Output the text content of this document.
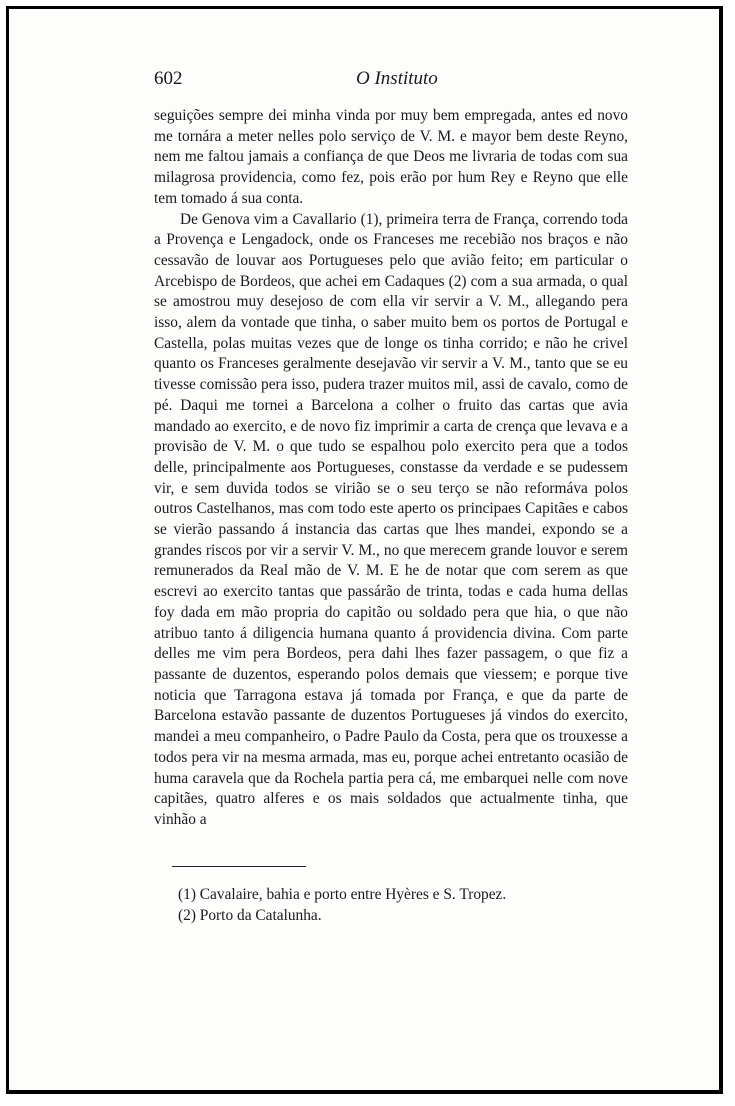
602	O Instituto

seguições sempre dei minha vinda por muy bem empregada, antes ed novo me tornára a meter nelles polo serviço de V. M. e mayor bem deste Reyno, nem me faltou jamais a confiança de que Deos me livraria de todas com sua milagrosa providencia, como fez, pois erão por hum Rey e Reyno que elle tem tomado á sua conta.

De Genova vim a Cavallario (1), primeira terra de França, correndo toda a Provença e Lengadock, onde os Franceses me recebião nos braços e não cessavão de louvar aos Portugueses pelo que avião feito; em particular o Arcebispo de Bordeos, que achei em Cadaques (2) com a sua armada, o qual se amostrou muy desejoso de com ella vir servir a V. M., allegando pera isso, alem da vontade que tinha, o saber muito bem os portos de Portugal e Castella, polas muitas vezes que de longe os tinha corrido; e não he crivel quanto os Franceses geralmente desejavão vir servir a V. M., tanto que se eu tivesse comissão pera isso, pudera trazer muitos mil, assi de cavalo, como de pé. Daqui me tornei a Barcelona a colher o fruito das cartas que avia mandado ao exercito, e de novo fiz imprimir a carta de crença que levava e a provisão de V. M. o que tudo se espalhou polo exercito pera que a todos delle, principalmente aos Portugueses, constasse da verdade e se pudessem vir, e sem duvida todos se virião se o seu terço se não reformáva polos outros Castelhanos, mas com todo este aperto os principaes Capitães e cabos se vierão passando á instancia das cartas que lhes mandei, expondo se a grandes riscos por vir a servir V. M., no que merecem grande louvor e serem remunerados da Real mão de V. M. E he de notar que com serem as que escrevi ao exercito tantas que passárão de trinta, todas e cada huma dellas foy dada em mão propria do capitão ou soldado pera que hia, o que não atribuo tanto á diligencia humana quanto á providencia divina. Com parte delles me vim pera Bordeos, pera dahi lhes fazer passagem, o que fiz a passante de duzentos, esperando polos demais que viessem; e porque tive noticia que Tarragona estava já tomada por França, e que da parte de Barcelona estavão passante de duzentos Portugueses já vindos do exercito, mandei a meu companheiro, o Padre Paulo da Costa, pera que os trouxesse a todos pera vir na mesma armada, mas eu, porque achei entretanto ocasião de huma caravela que da Rochela partia pera cá, me embarquei nelle com nove capitães, quatro alferes e os mais soldados que actualmente tinha, que vinhão a

(1) Cavalaire, bahia e porto entre Hyères e S. Tropez.
(2) Porto da Catalunha.
